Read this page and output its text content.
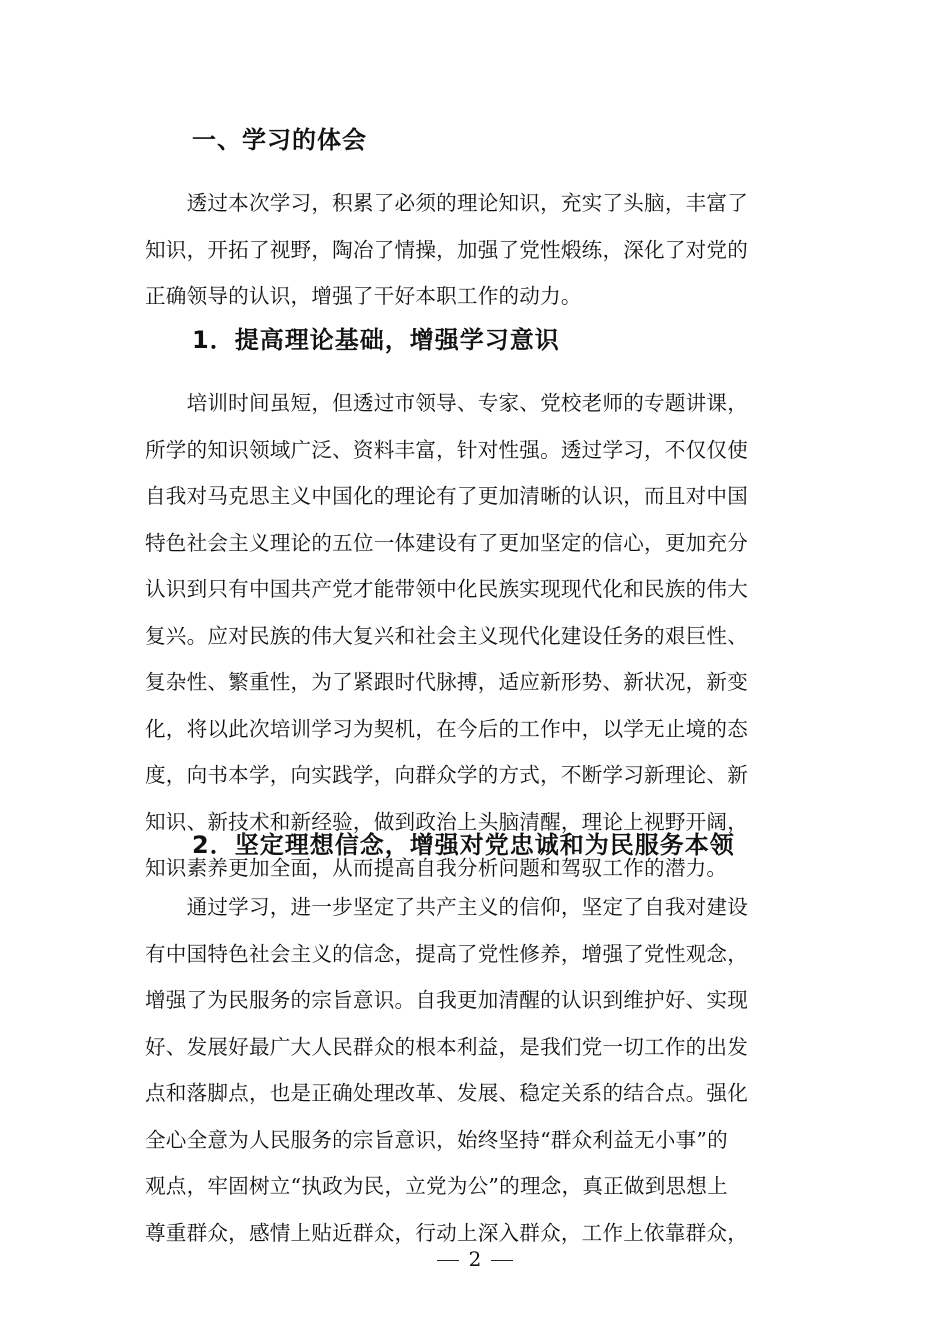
一、学习的体会
　　透过本次学习，积累了必须的理论知识，充实了头脑，丰富了
知识，开拓了视野，陶冶了情操，加强了党性煅练，深化了对党的
正确领导的认识，增强了干好本职工作的动力。
1．提高理论基础，增强学习意识
　　培训时间虽短，但透过市领导、专家、党校老师的专题讲课，
所学的知识领域广泛、资料丰富，针对性强。透过学习，不仅仅使
自我对马克思主义中国化的理论有了更加清晰的认识，而且对中国
特色社会主义理论的五位一体建设有了更加坚定的信心，更加充分
认识到只有中国共产党才能带领中化民族实现现代化和民族的伟大
复兴。应对民族的伟大复兴和社会主义现代化建设任务的艰巨性、
复杂性、繁重性，为了紧跟时代脉搏，适应新形势、新状况，新变
化，将以此次培训学习为契机，在今后的工作中，以学无止境的态
度，向书本学，向实践学，向群众学的方式，不断学习新理论、新
知识、新技术和新经验，做到政治上头脑清醒，理论上视野开阔，
知识素养更加全面，从而提高自我分析问题和驾驭工作的潜力。
2．坚定理想信念，增强对党忠诚和为民服务本领
　　通过学习，进一步坚定了共产主义的信仰，坚定了自我对建设
有中国特色社会主义的信念，提高了党性修养，增强了党性观念，
增强了为民服务的宗旨意识。自我更加清醒的认识到维护好、实现
好、发展好最广大人民群众的根本利益，是我们党一切工作的出发
点和落脚点，也是正确处理改革、发展、稳定关系的结合点。强化
全心全意为人民服务的宗旨意识，始终坚持“群众利益无小事”的
观点，牢固树立“执政为民，立党为公”的理念，真正做到思想上
尊重群众，感情上贴近群众，行动上深入群众，工作上依靠群众，
2
